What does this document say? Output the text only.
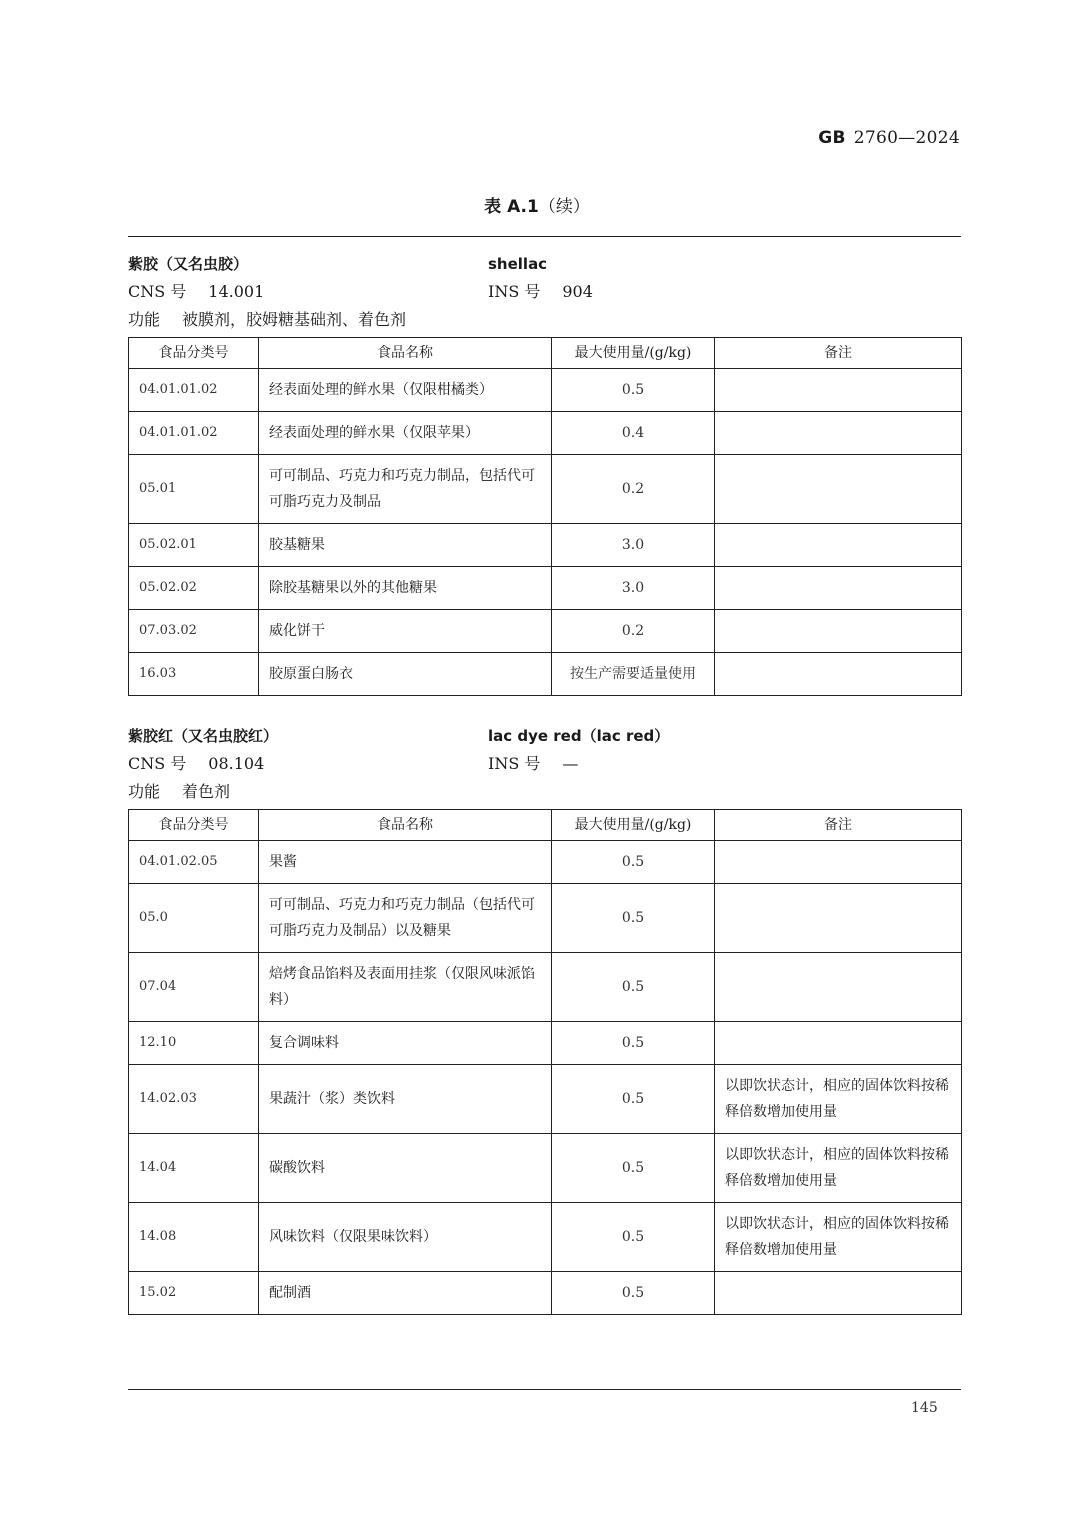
GB 2760—2024
表 A.1（续）
紫胶（又名虫胶）	shellac
CNS 号 14.001	INS 号 904
功能 被膜剂，胶姆糖基础剂、着色剂
食品分类号	食品名称	最大使用量/(g/kg)	备注
04.01.01.02	经表面处理的鲜水果（仅限柑橘类）	0.5	
04.01.01.02	经表面处理的鲜水果（仅限苹果）	0.4	
05.01	可可制品、巧克力和巧克力制品，包括代可可脂巧克力及制品	0.2	
05.02.01	胶基糖果	3.0	
05.02.02	除胶基糖果以外的其他糖果	3.0	
07.03.02	威化饼干	0.2	
16.03	胶原蛋白肠衣	按生产需要适量使用	
紫胶红（又名虫胶红）	lac dye red（lac red）
CNS 号 08.104	INS 号 —
功能 着色剂
食品分类号	食品名称	最大使用量/(g/kg)	备注
04.01.02.05	果酱	0.5	
05.0	可可制品、巧克力和巧克力制品（包括代可可脂巧克力及制品）以及糖果	0.5	
07.04	焙烤食品馅料及表面用挂浆（仅限风味派馅料）	0.5	
12.10	复合调味料	0.5	
14.02.03	果蔬汁（浆）类饮料	0.5	以即饮状态计，相应的固体饮料按稀释倍数增加使用量
14.04	碳酸饮料	0.5	以即饮状态计，相应的固体饮料按稀释倍数增加使用量
14.08	风味饮料（仅限果味饮料）	0.5	以即饮状态计，相应的固体饮料按稀释倍数增加使用量
15.02	配制酒	0.5	
145
